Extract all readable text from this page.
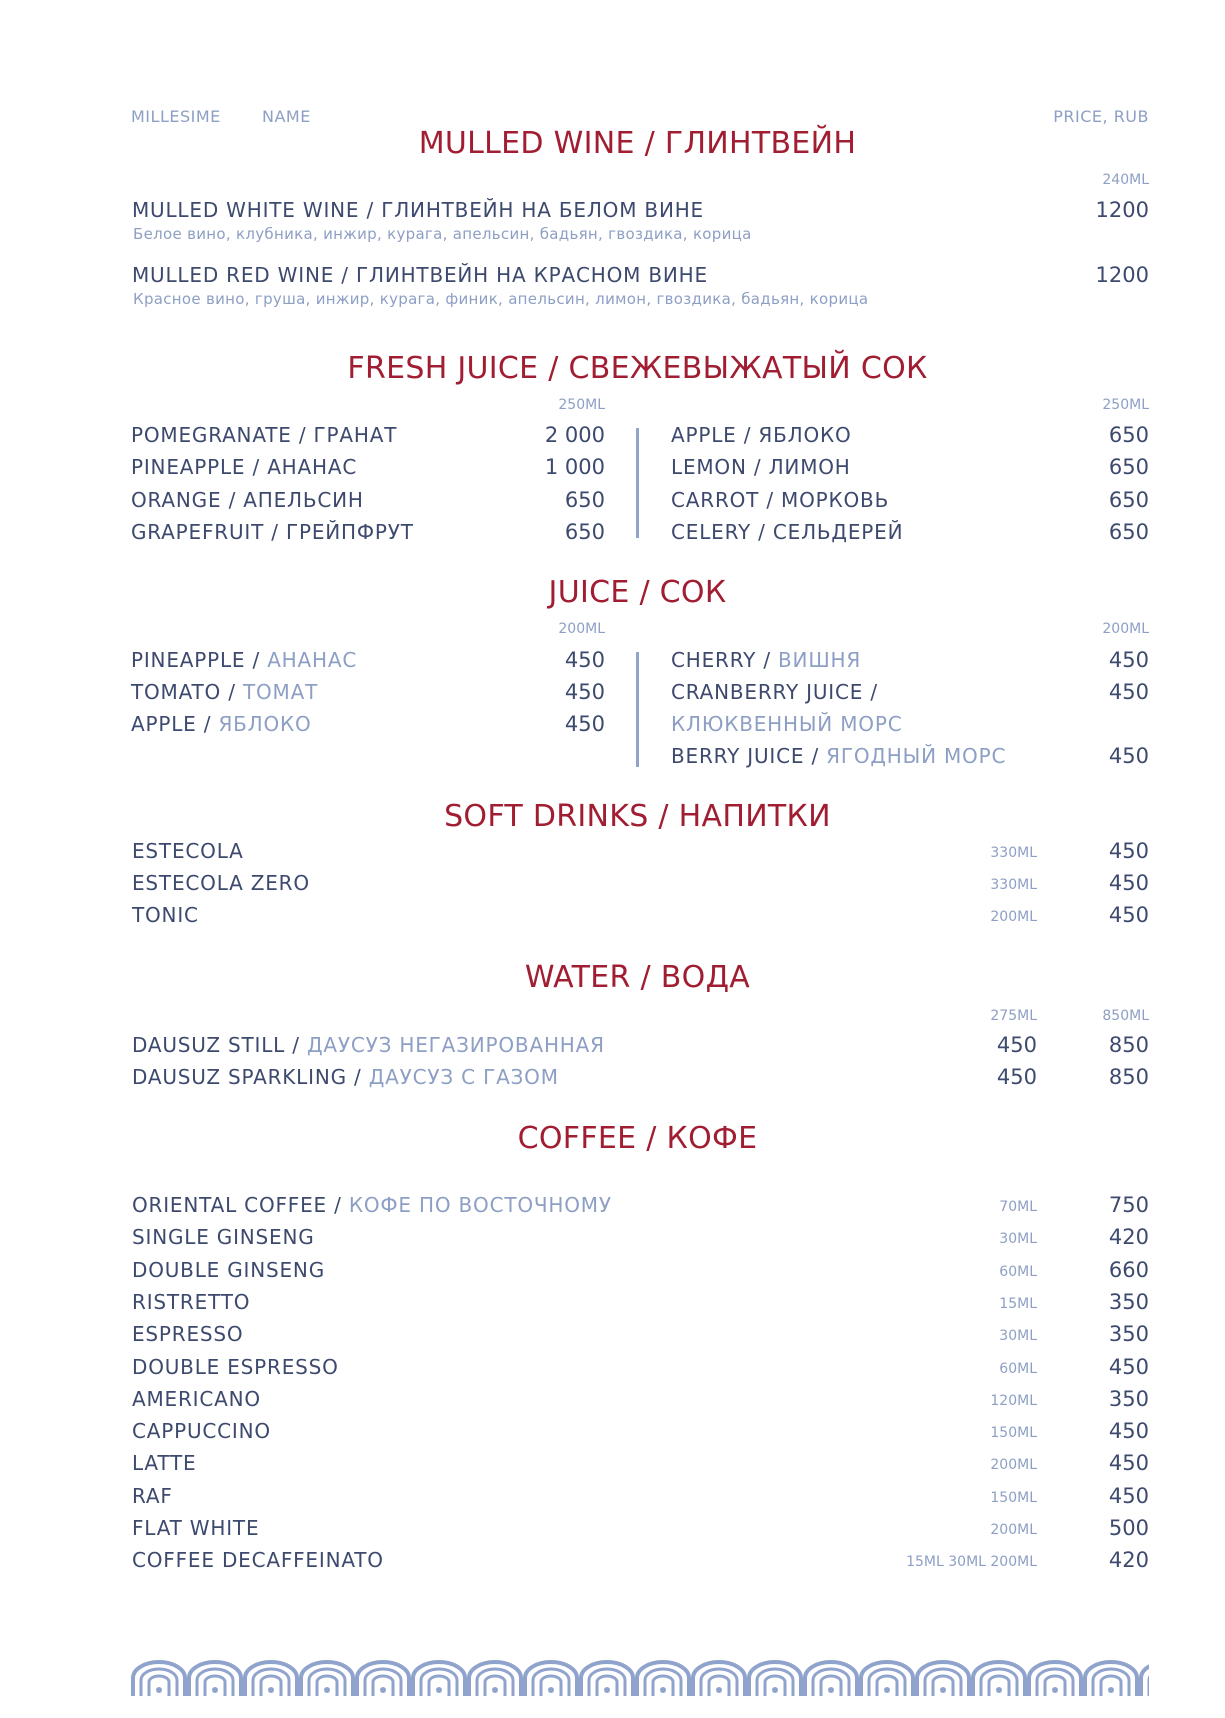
MILLESIME	NAME	PRICE, RUB
MULLED WINE / ГЛИНТВЕЙН
240ML
MULLED WHITE WINE / ГЛИНТВЕЙН НА БЕЛОМ ВИНЕ	1200
Белое вино, клубника, инжир, курага, апельсин, бадьян, гвоздика, корица
MULLED RED WINE / ГЛИНТВЕЙН НА КРАСНОМ ВИНЕ	1200
Красное вино, груша, инжир, курага, финик, апельсин, лимон, гвоздика, бадьян, корица
FRESH JUICE / СВЕЖЕВЫЖАТЫЙ СОК
250ML	250ML
POMEGRANATE / ГРАНАТ	2 000
PINEAPPLE / АНАНАС	1 000
ORANGE / АПЕЛЬСИН	650
GRAPEFRUIT / ГРЕЙПФРУТ	650
APPLE / ЯБЛОКО	650
LEMON / ЛИМОН	650
CARROT / МОРКОВЬ	650
CELERY / СЕЛЬДЕРЕЙ	650
JUICE / СОК
200ML	200ML
PINEAPPLE / АНАНАС	450
TOMATO / ТОМАТ	450
APPLE / ЯБЛОКО	450
CHERRY / ВИШНЯ	450
CRANBERRY JUICE /	450
КЛЮКВЕННЫЙ МОРС
BERRY JUICE / ЯГОДНЫЙ МОРС	450
SOFT DRINKS / НАПИТКИ
ESTECOLA	330ML	450
ESTECOLA ZERO	330ML	450
TONIC	200ML	450
WATER / ВОДА
275ML	850ML
DAUSUZ STILL / ДАУСУЗ НЕГАЗИРОВАННАЯ	450	850
DAUSUZ SPARKLING / ДАУСУЗ С ГАЗОМ	450	850
COFFEE / КОФЕ
ORIENTAL COFFEE / КОФЕ ПО ВОСТОЧНОМУ	70ML	750
SINGLE GINSENG	30ML	420
DOUBLE GINSENG	60ML	660
RISTRETTO	15ML	350
ESPRESSO	30ML	350
DOUBLE ESPRESSO	60ML	450
AMERICANO	120ML	350
CAPPUCCINO	150ML	450
LATTE	200ML	450
RAF	150ML	450
FLAT WHITE	200ML	500
COFFEE DECAFFEINATO	15ML 30ML 200ML	420
